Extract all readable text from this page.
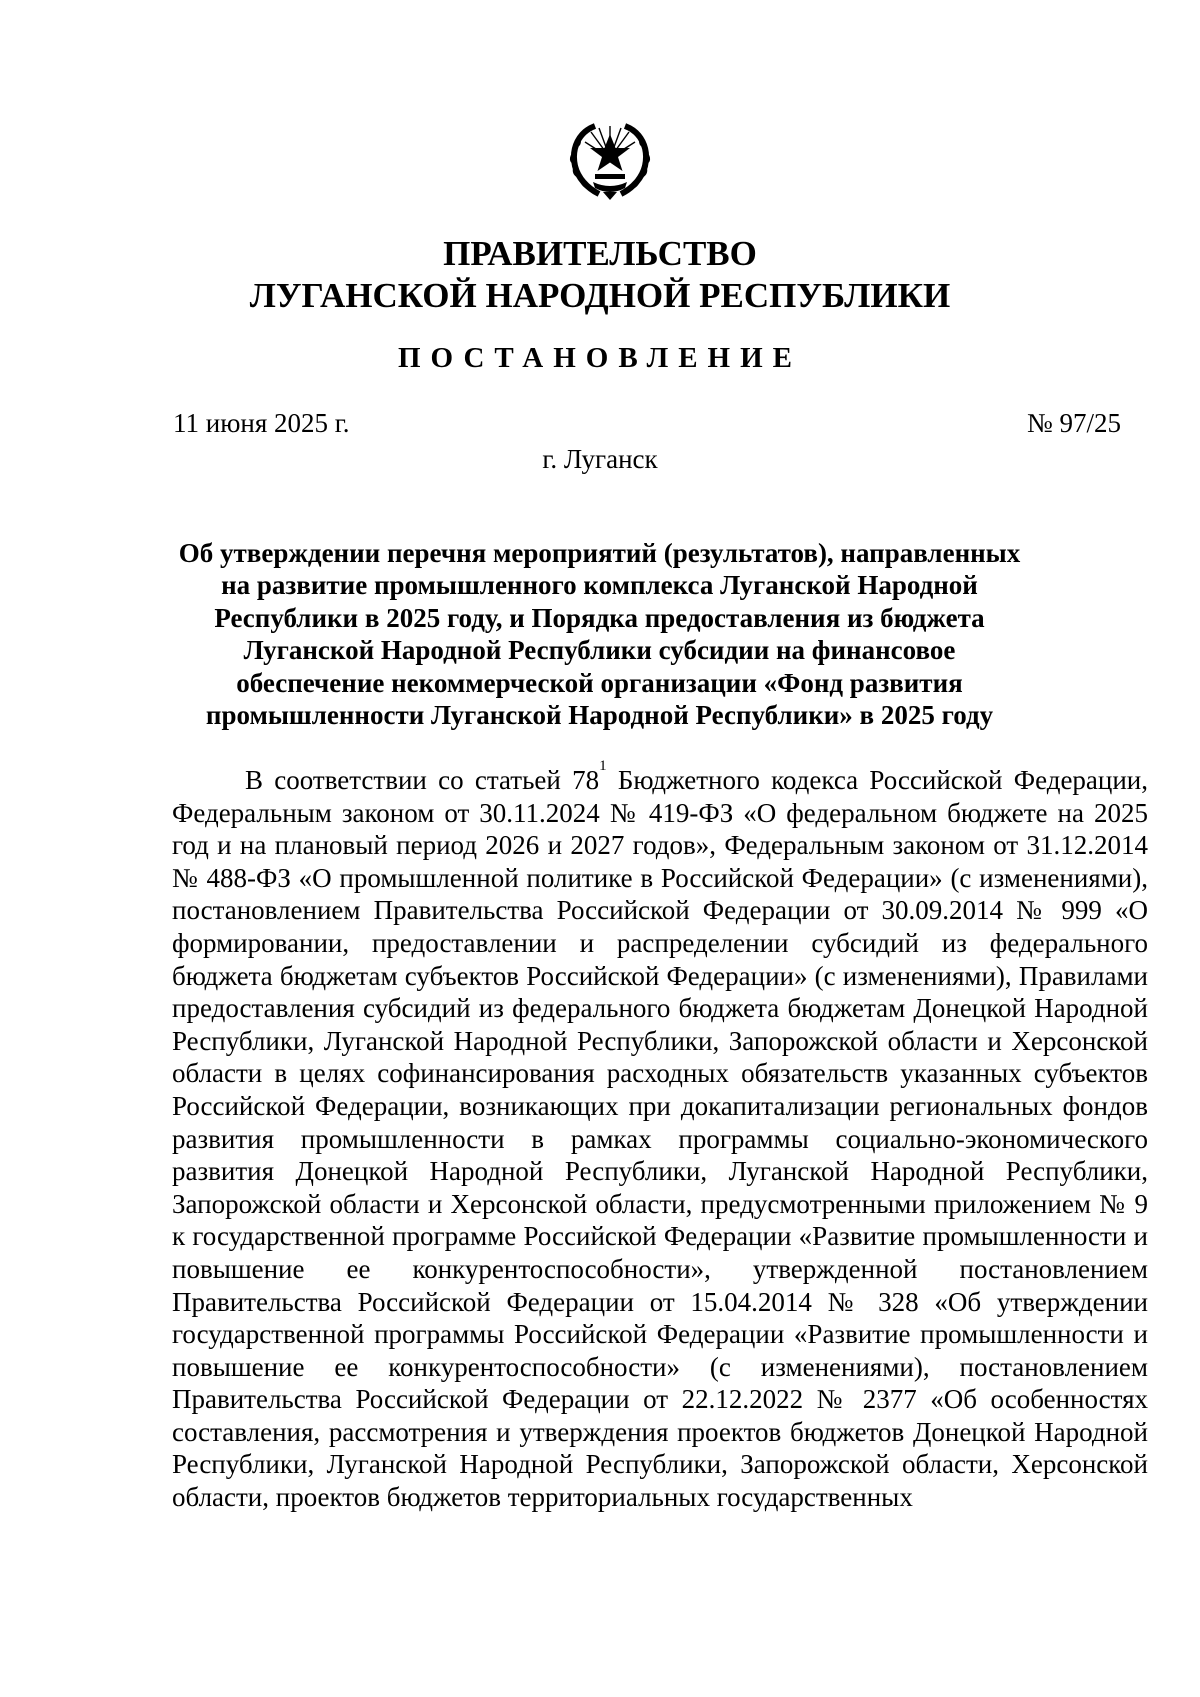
ПРАВИТЕЛЬСТВО
ЛУГАНСКОЙ НАРОДНОЙ РЕСПУБЛИКИ
ПОСТАНОВЛЕНИЕ
11 июня 2025 г.	№ 97/25
г. Луганск
Об утверждении перечня мероприятий (результатов), направленных на развитие промышленного комплекса Луганской Народной Республики в 2025 году, и Порядка предоставления из бюджета Луганской Народной Республики субсидии на финансовое обеспечение некоммерческой организации «Фонд развития промышленности Луганской Народной Республики» в 2025 году

В соответствии со статьей $78^1$ Бюджетного кодекса Российской Федерации, Федеральным законом от 30.11.2024 № 419-ФЗ «О федеральном бюджете на 2025 год и на плановый период 2026 и 2027 годов», Федеральным законом от 31.12.2014 № 488-ФЗ «О промышленной политике в Российской Федерации» (с изменениями), постановлением Правительства Российской Федерации от 30.09.2014 № 999 «О формировании, предоставлении и распределении субсидий из федерального бюджета бюджетам субъектов Российской Федерации» (с изменениями), Правилами предоставления субсидий из федерального бюджета бюджетам Донецкой Народной Республики, Луганской Народной Республики, Запорожской области и Херсонской области в целях софинансирования расходных обязательств указанных субъектов Российской Федерации, возникающих при докапитализации региональных фондов развития промышленности в рамках программы социально-экономического развития Донецкой Народной Республики, Луганской Народной Республики, Запорожской области и Херсонской области, предусмотренными приложением № 9 к государственной программе Российской Федерации «Развитие промышленности и повышение ее конкурентоспособности», утвержденной постановлением Правительства Российской Федерации от 15.04.2014 № 328 «Об утверждении государственной программы Российской Федерации «Развитие промышленности и повышение ее конкурентоспособности» (с изменениями), постановлением Правительства Российской Федерации от 22.12.2022 № 2377 «Об особенностях составления, рассмотрения и утверждения проектов бюджетов Донецкой Народной Республики, Луганской Народной Республики, Запорожской области, Херсонской области, проектов бюджетов территориальных государственных
